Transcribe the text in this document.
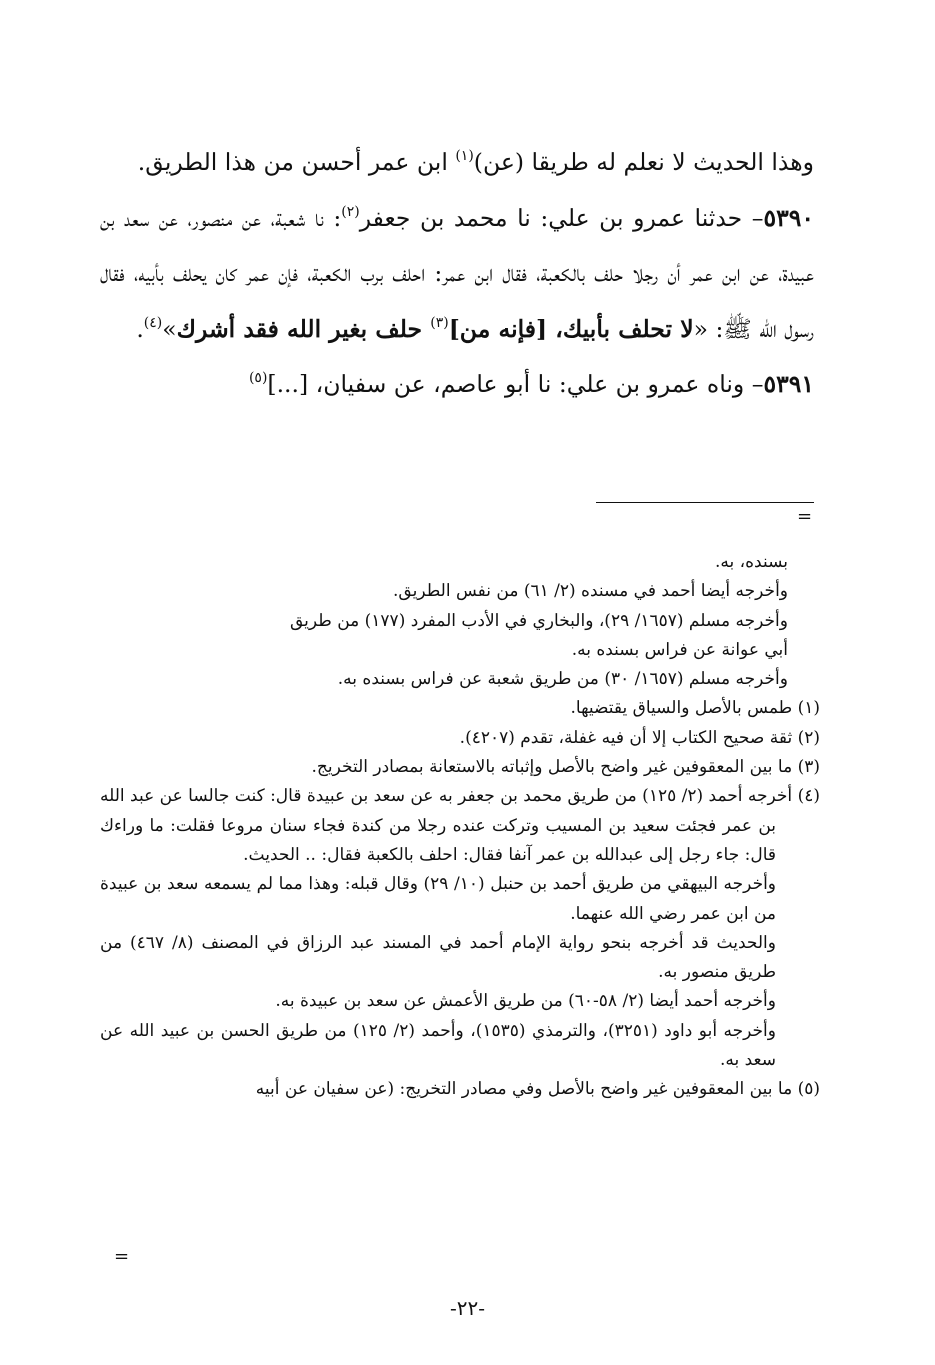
وهذا الحديث لا نعلم له طريقا (عن)$^{(١)}$ ابن عمر أحسن من هذا الطريق.

٥٣٩٠– حدثنا عمرو بن علي: نا محمد بن جعفر$^{(٢)}$: نا شعبة، عن منصور، عن سعد بن عبيدة، عن ابن عمر أن رجلا حلف بالكعبة، فقال ابن عمر: احلف برب الكعبة، فإن عمر كان يحلف بأبيه، فقال رسول الله ﷺ: «لا تحلف بأبيك، [فإنه من]$^{(٣)}$ حلف بغير الله فقد أشرك»$^{(٤)}$.

٥٣٩١– وناه عمرو بن علي: نا أبو عاصم، عن سفيان، [...]$^{(٥)}$

=

بسنده، به.

وأخرجه أيضا أحمد في مسنده (٢/ ٦١) من نفس الطريق.

وأخرجه مسلم (١٦٥٧/ ٢٩)، والبخاري في الأدب المفرد (١٧٧) من طريق

أبي عوانة عن فراس بسنده به.

وأخرجه مسلم (١٦٥٧/ ٣٠) من طريق شعبة عن فراس بسنده به.

(١) طمس بالأصل والسياق يقتضيها.

(٢) ثقة صحيح الكتاب إلا أن فيه غفلة، تقدم (٤٢٠٧).

(٣) ما بين المعقوفين غير واضح بالأصل وإثباته بالاستعانة بمصادر التخريج.

(٤) أخرجه أحمد (٢/ ١٢٥) من طريق محمد بن جعفر به عن سعد بن عبيدة قال: كنت جالسا عن عبد الله بن عمر فجئت سعيد بن المسيب وتركت عنده رجلا من كندة فجاء سنان مروعا فقلت: ما وراءك قال: جاء رجل إلى عبدالله بن عمر آنفا فقال: احلف بالكعبة فقال: .. الحديث.

وأخرجه البيهقي من طريق أحمد بن حنبل (١٠/ ٢٩) وقال قبله: وهذا مما لم يسمعه سعد بن عبيدة من ابن عمر رضي الله عنهما.

والحديث قد أخرجه بنحو رواية الإمام أحمد في المسند عبد الرزاق في المصنف (٨/ ٤٦٧) من طريق منصور به.

وأخرجه أحمد أيضا (٢/ ٥٨-٦٠) من طريق الأعمش عن سعد بن عبيدة به.

وأخرجه أبو داود (٣٢٥١)، والترمذي (١٥٣٥)، وأحمد (٢/ ١٢٥) من طريق الحسن بن عبيد الله عن سعد به.

(٥) ما بين المعقوفين غير واضح بالأصل وفي مصادر التخريج: (عن سفيان عن أبيه

=
-٢٢-
